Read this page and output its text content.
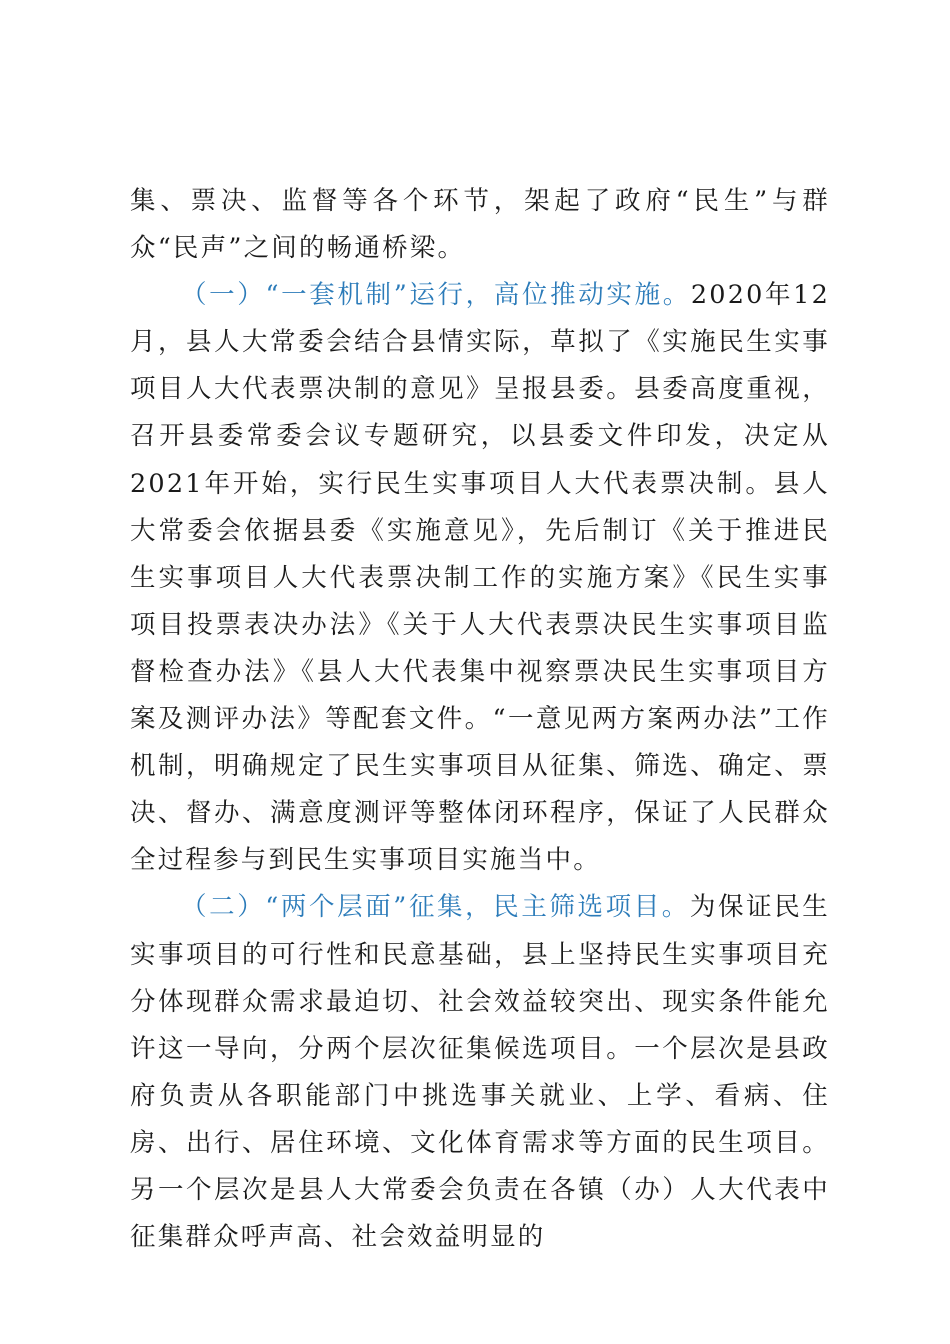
集、票决、监督等各个环节，架起了政府“民生”与群众“民声”之间的畅通桥梁。

（一）“一套机制”运行，高位推动实施。2020年12月，县人大常委会结合县情实际，草拟了《实施民生实事项目人大代表票决制的意见》呈报县委。县委高度重视，召开县委常委会议专题研究，以县委文件印发，决定从2021年开始，实行民生实事项目人大代表票决制。县人大常委会依据县委《实施意见》，先后制订《关于推进民生实事项目人大代表票决制工作的实施方案》《民生实事项目投票表决办法》《关于人大代表票决民生实事项目监督检查办法》《县人大代表集中视察票决民生实事项目方案及测评办法》等配套文件。“一意见两方案两办法”工作机制，明确规定了民生实事项目从征集、筛选、确定、票决、督办、满意度测评等整体闭环程序，保证了人民群众全过程参与到民生实事项目实施当中。

（二）“两个层面”征集，民主筛选项目。为保证民生实事项目的可行性和民意基础，县上坚持民生实事项目充分体现群众需求最迫切、社会效益较突出、现实条件能允许这一导向，分两个层次征集候选项目。一个层次是县政府负责从各职能部门中挑选事关就业、上学、看病、住房、出行、居住环境、文化体育需求等方面的民生项目。另一个层次是县人大常委会负责在各镇（办）人大代表中征集群众呼声高、社会效益明显的
